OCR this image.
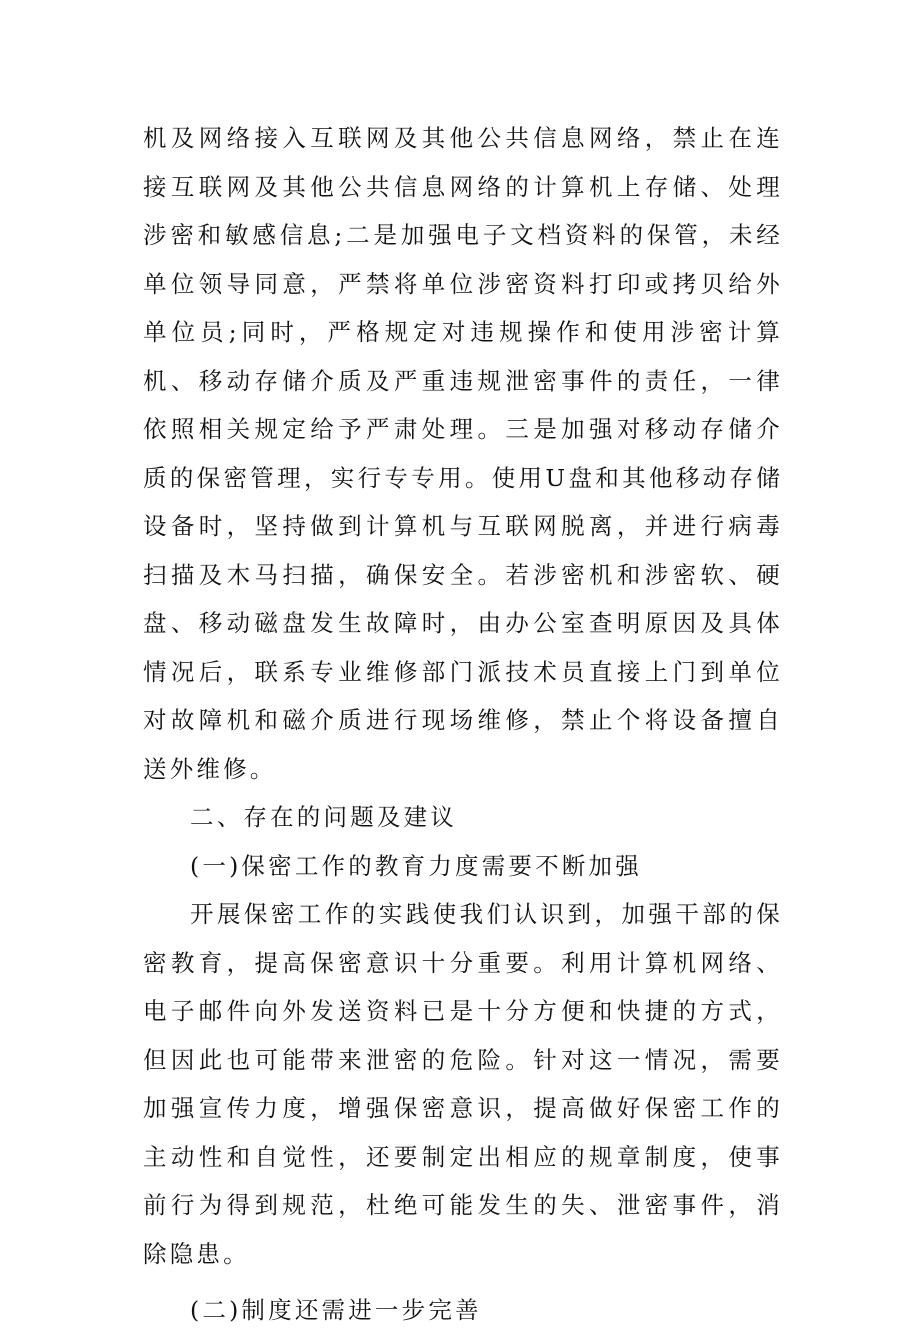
机及网络接入互联网及其他公共信息网络，禁止在连接互联网及其他公共信息网络的计算机上存储、处理涉密和敏感信息;二是加强电子文档资料的保管，未经单位领导同意，严禁将单位涉密资料打印或拷贝给外单位员;同时，严格规定对违规操作和使用涉密计算机、移动存储介质及严重违规泄密事件的责任，一律依照相关规定给予严肃处理。三是加强对移动存储介质的保密管理，实行专专用。使用U盘和其他移动存储设备时，坚持做到计算机与互联网脱离，并进行病毒扫描及木马扫描，确保安全。若涉密机和涉密软、硬盘、移动磁盘发生故障时，由办公室查明原因及具体情况后，联系专业维修部门派技术员直接上门到单位对故障机和磁介质进行现场维修，禁止个将设备擅自送外维修。

二、存在的问题及建议

(一)保密工作的教育力度需要不断加强

开展保密工作的实践使我们认识到，加强干部的保密教育，提高保密意识十分重要。利用计算机网络、电子邮件向外发送资料已是十分方便和快捷的方式，但因此也可能带来泄密的危险。针对这一情况，需要加强宣传力度，增强保密意识，提高做好保密工作的主动性和自觉性，还要制定出相应的规章制度，使事前行为得到规范，杜绝可能发生的失、泄密事件，消除隐患。

(二)制度还需进一步完善
